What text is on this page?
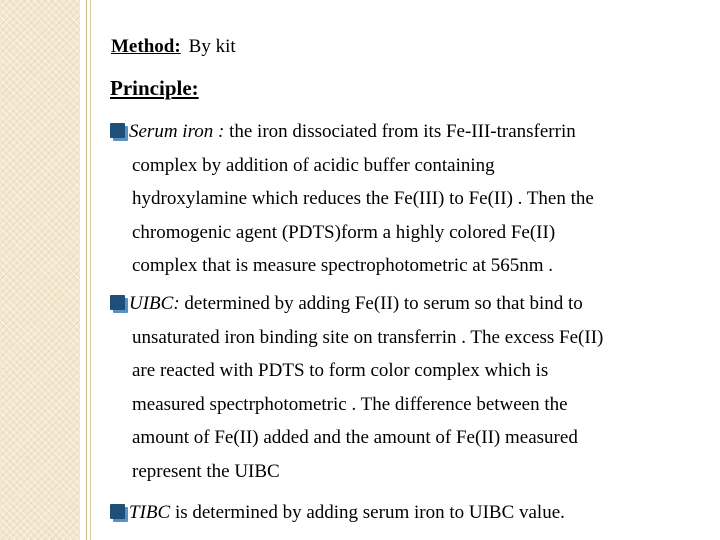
Method: By kit
Principle:
Serum iron : the iron dissociated from its Fe-III-transferrin
complex by addition of acidic buffer containing
hydroxylamine which reduces the Fe(III) to Fe(II) . Then the
chromogenic agent (PDTS)form a highly colored Fe(II)
complex that is measure spectrophotometric at 565nm .
UIBC: determined by adding Fe(II) to serum so that bind to
unsaturated iron binding site on transferrin . The excess Fe(II)
are reacted with PDTS to form color complex which is
measured spectrphotometric . The difference between the
amount of Fe(II) added and the amount of Fe(II) measured
represent the UIBC
TIBC is determined by adding serum iron to UIBC value.
